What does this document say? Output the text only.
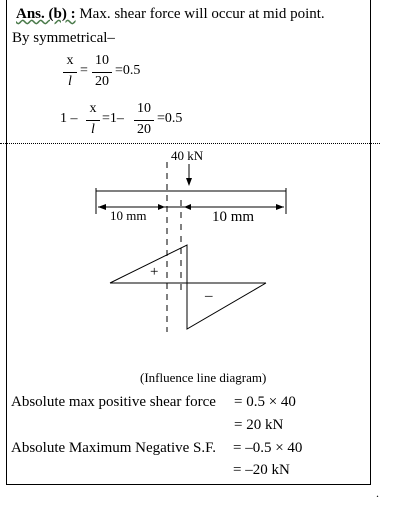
Ans. (b) : Max. shear force will occur at mid point.
By symmetrical–
x
l
=
10
20
=0.5
1 –
x
l
=1–
10
20
=0.5
40 kN
10 mm	10 mm
+
–
(Influence line diagram)
Absolute max positive shear force = 0.5 × 40
= 20 kN
Absolute Maximum Negative S.F. = –0.5 × 40
= –20 kN
.
